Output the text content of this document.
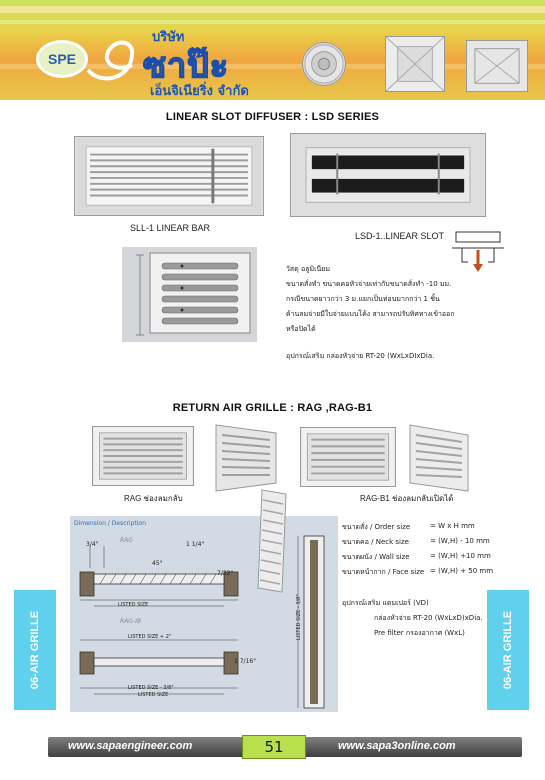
SPE
บริษัท
ซาป๊ะ
เอ็นจิเนียริ่ง จำกัด
LINEAR SLOT DIFFUSER : LSD SERIES
SLL-1 LINEAR BAR
LSD-1..LINEAR SLOT
วัสดุ อลูมิเนียม
ขนาดสั่งทำ ขนาดคอหัวจ่ายเท่ากับขนาดสั่งทำ -10 มม.
กรณีขนาดยาวกว่า 3 ม.แยกเป็นท่อนมากกว่า 1 ชิ้น
ด้านลมจ่ายมีใบจ่ายแบบโค้ง สามารถปรับทิศทางเข้าออก
หรือปิดได้
อุปกรณ์เสริม กล่องหัวจ่าย RT-20 (WxLxDIxDia.
RETURN AIR GRILLE : RAG ,RAG-B1
RAG ช่องลมกลับ	RAG-B1 ช่องลมกลับเปิดได้
Dimension / Description
3/4"
RAG
1 1/4"
45°
7/32"
LISTED SIZE
RAG-IB
LISTED SIZE + 2"
1 7/16"
LISTED SIZE - 3/8"
LISTED SIZE
LISTED SIZE - 3/8"
ขนาดสั่ง / Order size	= W x H mm
ขนาดคอ / Neck size	= (W,H) - 10 mm
ขนาดผนัง / Wall size	= (W,H) +10 mm
ขนาดหน้ากาก / Face size = (W,H) + 50 mm
อุปกรณ์เสริม แดมเปอร์ (VD)
กล่องหัวจ่าย RT-20 (WxLxD)xDia.
Pre filter กรองอากาศ (WxL)
06-AIR GRILLE	06-AIR GRILLE
www.sapaengineer.com	www.sapa3online.com
51
